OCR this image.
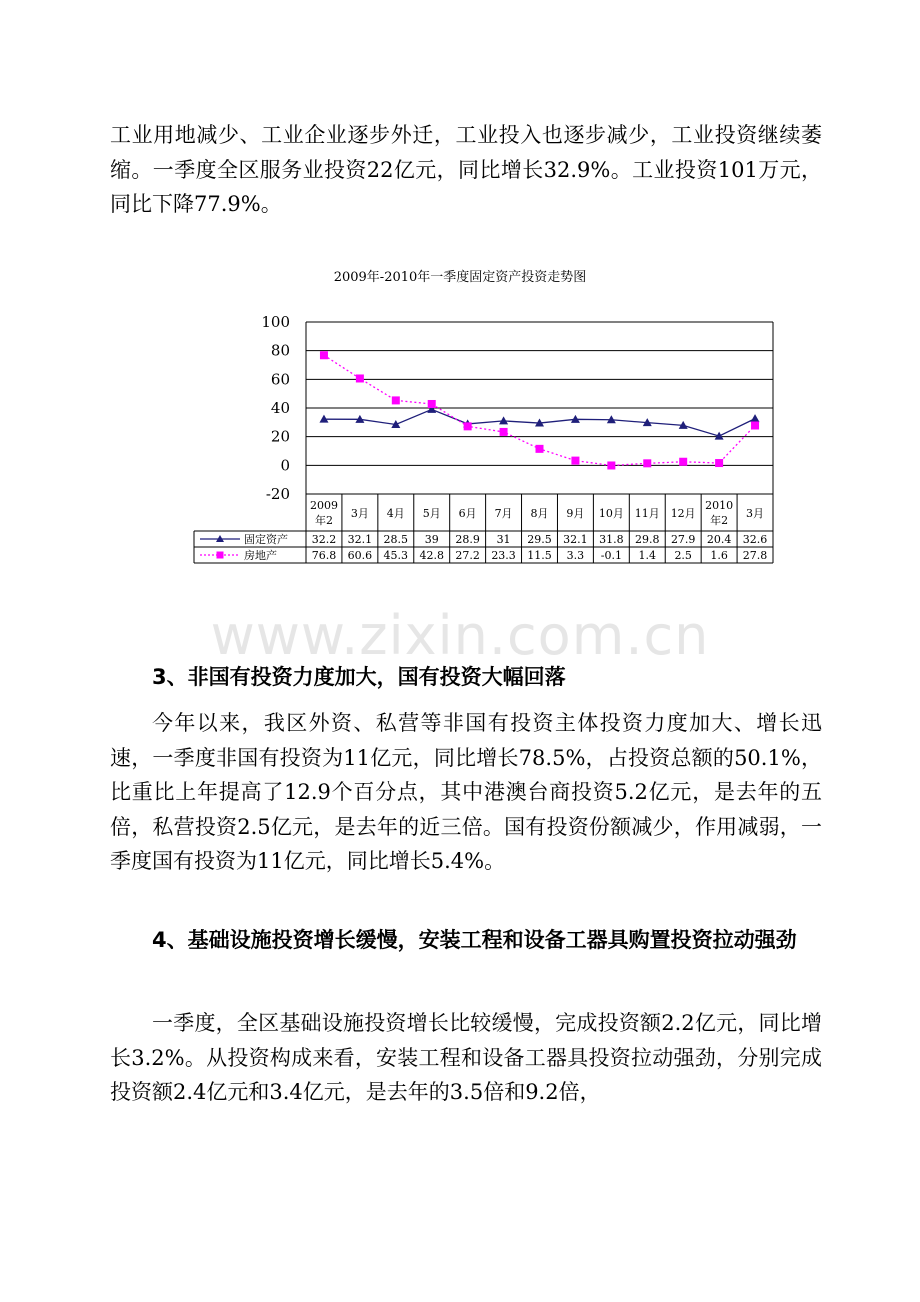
工业用地减少、工业企业逐步外迁，工业投入也逐步减少，工业投资继续萎缩。一季度全区服务业投资22亿元，同比增长32.9%。工业投资101万元，同比下降77.9%。

2009年-2010年一季度固定资产投资走势图
-20
0
20
40
60
80
100
2009
年2
3月 4月 5月 6月 7月 8月 9月 10月 11月 12月
2010
年2
3月
固定资产 32.2 32.1 28.5 39 28.9 31 29.5 32.1 31.8 29.8 27.9 20.4 32.6
房地产	76.8 60.6 45.3 42.8 27.2 23.3 11.5 3.3 -0.1 1.4 2.5 1.6 27.8
www.zixin.com.cn

3、非国有投资力度加大，国有投资大幅回落

今年以来，我区外资、私营等非国有投资主体投资力度加大、增长迅速，一季度非国有投资为11亿元，同比增长78.5%，占投资总额的50.1%，比重比上年提高了12.9个百分点，其中港澳台商投资5.2亿元，是去年的五倍，私营投资2.5亿元，是去年的近三倍。国有投资份额减少，作用减弱，一季度国有投资为11亿元，同比增长5.4%。

4、基础设施投资增长缓慢，安装工程和设备工器具购置投资拉动强劲

一季度，全区基础设施投资增长比较缓慢，完成投资额2.2亿元，同比增长3.2%。从投资构成来看，安装工程和设备工器具投资拉动强劲，分别完成投资额2.4亿元和3.4亿元，是去年的3.5倍和9.2倍，
